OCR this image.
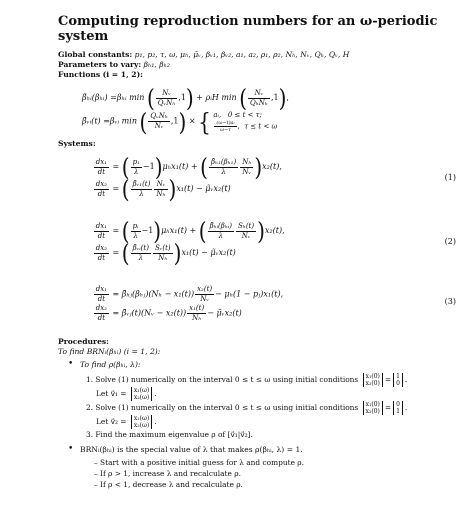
Computing reproduction numbers for an ω-periodic system
Global constants: p₁, p₂, τ, ω, μₕ, μ̃ᵥ, βᵥ₁, βᵥ₂, a₁, a₂, ρ₁, ρ₂, Nₕ, Nᵥ, Qₕ, Qᵥ, H
Parameters to vary: βₕ₁, βₕ₂
Functions (i = 1, 2):
β̃ₕᵢ(βₕᵢ) =βₕᵢ min ( $\frac{\text{Nᵥ}}{\text{QᵥNₕ}} ,1$) + ρᵢH min ( $\frac{\text{Nᵥ}}{\text{QₕNₕ}} ,1$),
β̃ᵥᵢ(t) =βᵥᵢ min ( $\frac{\text{QᵥNₕ}}{\text{Nᵥ}} ,1$) × { aᵢ, 0 ≤ t < τ;

$\frac{\text{(ω−t)aᵢ}}{\omega-\tau}$ ,  τ ≤ t < ω
Systems:
$\frac{\text{dx₁}}{dt}$ = ( $\frac{\text{p₁}}{\lambda} -1)\mu_hx_1(t)$ + ( $\frac{\text{β̃ₕ₁(βₕ₁)}}{\lambda} \frac{\text{Nₕ}}{\text{Nᵥ}} )x_2(t)$,
$\frac{\text{dx₂}}{dt}$ = ( $\frac{\text{β̃ᵥ₁(t)}}{\lambda} \frac{\text{Nᵥ}}{\text{Nₕ}} )x_1(t)$ − μ̃ᵥx₂(t)
(1)
$\frac{\text{dx₁}}{dt}$ = ( $\frac{\text{pᵢ}}{\lambda} -1)\mu_hx_1(t)$ + ( $\frac{\text{β̃ₕᵢ(βₕᵢ)}}{\lambda} \frac{\text{Sₕ(t)}}{\text{Nᵥ}} )x_2(t)$,
$\frac{\text{dx₂}}{dt}$ = ( $\frac{\text{β̃ᵥᵢ(t)}}{\lambda} \frac{\text{Sᵥ(t)}}{\text{Nₕ}} )x_1(t)$ − μ̃ᵥx₂(t)
(2)
$\frac{\text{dx₁}}{dt}$ = β̃ₕⱼ(βₕⱼ)(Nₕ − $x_1(t)) \frac{\text{x₂(t)}}{\text{Nᵥ}} - \mu_h(1$ − pⱼ)x₁(t),
$\frac{\text{dx₂}}{dt}$ = β̃ᵥⱼ(t)(Nᵥ − $x_2(t)) \frac{\text{x₁(t)}}{\text{Nₕ}}$ − μ̃ᵥx₂(t)
(3)
Procedures:
To find BRNᵢ(βₕᵢ) (i = 1, 2):
• To find ρ(βₕᵢ, λ):
1. Solve (1) numerically on the interval 0 ≤ t ≤ ω using initial conditions x₁(0)
x₂(0) = 1
0 .
Let v⃗₁ = x₁(ω)
x₂(ω) .
2. Solve (1) numerically on the interval 0 ≤ t ≤ ω using initial conditions x₁(0)
x₂(0) = 0
1 .
Let v⃗₂ = x₁(ω)
x₂(ω) .
3. Find the maximum eigenvalue ρ of [v⃗₁|v⃗₂].
• BRNᵢ(βₕᵢ) is the special value of λ that makes ρ(βₕᵢ, λ) = 1.
– Start with a positive initial guess for λ and compute ρ.
– If ρ > 1, increase λ and recalculate ρ.
– If ρ < 1, decrease λ and recalculate ρ.
